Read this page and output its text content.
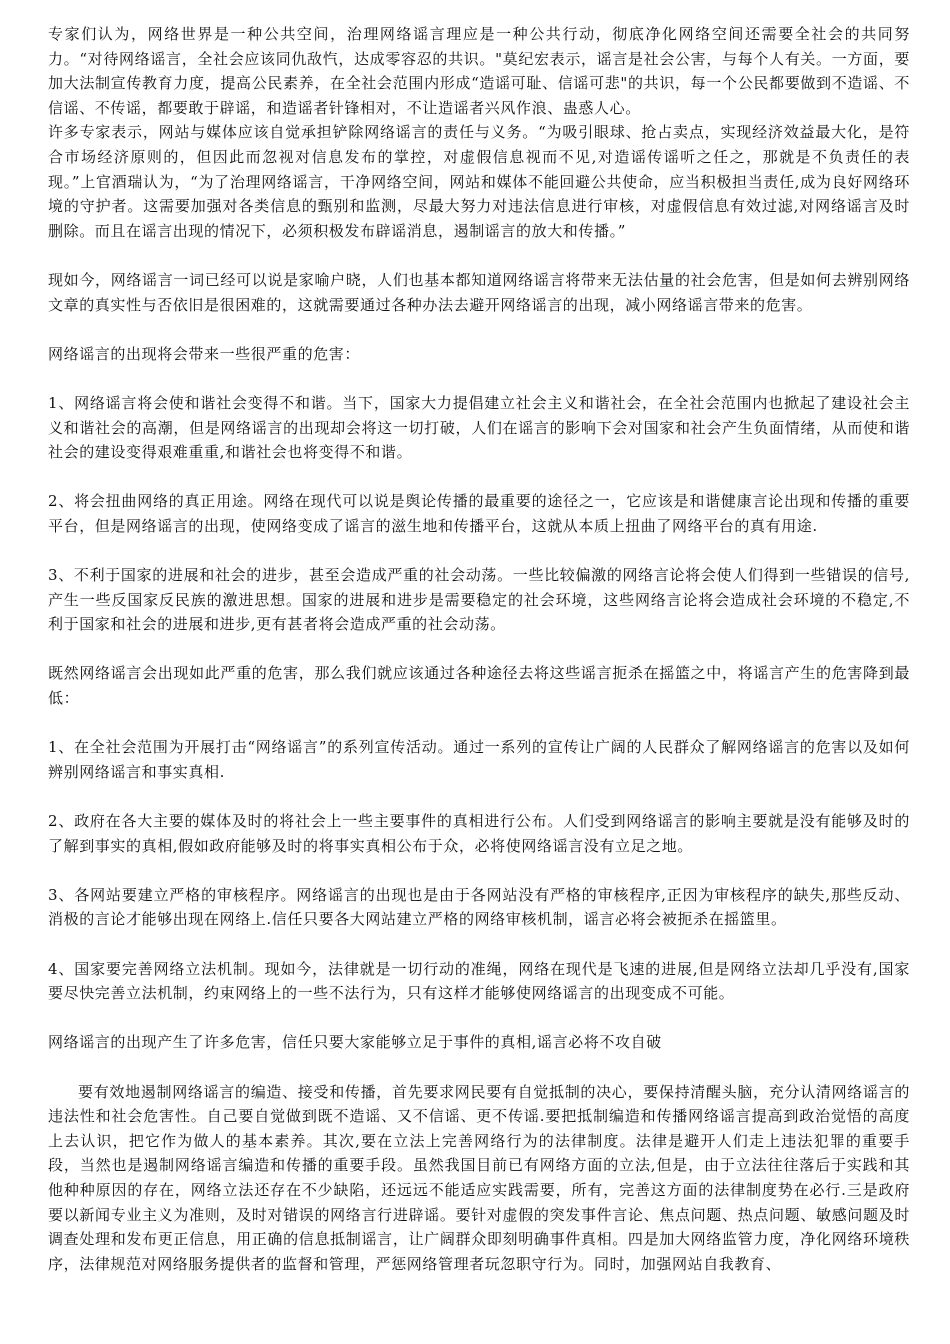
专家们认为，网络世界是一种公共空间，治理网络谣言理应是一种公共行动，彻底净化网络空间还需要全社会的共同努力。“对待网络谣言，全社会应该同仇敌忾，达成零容忍的共识。"莫纪宏表示，谣言是社会公害，与每个人有关。一方面，要加大法制宣传教育力度，提高公民素养，在全社会范围内形成“造谣可耻、信谣可悲"的共识，每一个公民都要做到不造谣、不信谣、不传谣，都要敢于辟谣，和造谣者针锋相对，不让造谣者兴风作浪、蛊惑人心。

许多专家表示，网站与媒体应该自觉承担铲除网络谣言的责任与义务。“为吸引眼球、抢占卖点，实现经济效益最大化，是符合市场经济原则的，但因此而忽视对信息发布的掌控，对虚假信息视而不见,对造谣传谣听之任之，那就是不负责任的表现。”上官酒瑞认为，“为了治理网络谣言，干净网络空间，网站和媒体不能回避公共使命，应当积极担当责任,成为良好网络环境的守护者。这需要加强对各类信息的甄别和监测，尽最大努力对违法信息进行审核，对虚假信息有效过滤,对网络谣言及时删除。而且在谣言出现的情况下，必须积极发布辟谣消息，遏制谣言的放大和传播。”

现如今，网络谣言一词已经可以说是家喻户晓，人们也基本都知道网络谣言将带来无法估量的社会危害，但是如何去辨别网络文章的真实性与否依旧是很困难的，这就需要通过各种办法去避开网络谣言的出现，减小网络谣言带来的危害。

网络谣言的出现将会带来一些很严重的危害：

1、网络谣言将会使和谐社会变得不和谐。当下，国家大力提倡建立社会主义和谐社会，在全社会范围内也掀起了建设社会主义和谐社会的高潮，但是网络谣言的出现却会将这一切打破，人们在谣言的影响下会对国家和社会产生负面情绪，从而使和谐社会的建设变得艰难重重,和谐社会也将变得不和谐。

2、将会扭曲网络的真正用途。网络在现代可以说是舆论传播的最重要的途径之一，它应该是和谐健康言论出现和传播的重要平台，但是网络谣言的出现，使网络变成了谣言的滋生地和传播平台，这就从本质上扭曲了网络平台的真有用途.

3、不利于国家的进展和社会的进步，甚至会造成严重的社会动荡。一些比较偏激的网络言论将会使人们得到一些错误的信号,产生一些反国家反民族的激进思想。国家的进展和进步是需要稳定的社会环境，这些网络言论将会造成社会环境的不稳定,不利于国家和社会的进展和进步,更有甚者将会造成严重的社会动荡。

既然网络谣言会出现如此严重的危害，那么我们就应该通过各种途径去将这些谣言扼杀在摇篮之中，将谣言产生的危害降到最低：

1、在全社会范围为开展打击“网络谣言”的系列宣传活动。通过一系列的宣传让广阔的人民群众了解网络谣言的危害以及如何辨别网络谣言和事实真相.

2、政府在各大主要的媒体及时的将社会上一些主要事件的真相进行公布。人们受到网络谣言的影响主要就是没有能够及时的了解到事实的真相,假如政府能够及时的将事实真相公布于众，必将使网络谣言没有立足之地。

3、各网站要建立严格的审核程序。网络谣言的出现也是由于各网站没有严格的审核程序,正因为审核程序的缺失,那些反动、消极的言论才能够出现在网络上.信任只要各大网站建立严格的网络审核机制，谣言必将会被扼杀在摇篮里。

4、国家要完善网络立法机制。现如今，法律就是一切行动的准绳，网络在现代是飞速的进展,但是网络立法却几乎没有,国家要尽快完善立法机制，约束网络上的一些不法行为，只有这样才能够使网络谣言的出现变成不可能。

网络谣言的出现产生了许多危害，信任只要大家能够立足于事件的真相,谣言必将不攻自破

要有效地遏制网络谣言的编造、接受和传播，首先要求网民要有自觉抵制的决心，要保持清醒头脑，充分认清网络谣言的违法性和社会危害性。自己要自觉做到既不造谣、又不信谣、更不传谣.要把抵制编造和传播网络谣言提高到政治觉悟的高度上去认识，把它作为做人的基本素养。其次,要在立法上完善网络行为的法律制度。法律是避开人们走上违法犯罪的重要手段，当然也是遏制网络谣言编造和传播的重要手段。虽然我国目前已有网络方面的立法,但是，由于立法往往落后于实践和其他种种原因的存在，网络立法还存在不少缺陷，还远远不能适应实践需要，所有，完善这方面的法律制度势在必行.三是政府要以新闻专业主义为准则，及时对错误的网络言行进辟谣。要针对虚假的突发事件言论、焦点问题、热点问题、敏感问题及时调查处理和发布更正信息，用正确的信息抵制谣言，让广阔群众即刻明确事件真相。四是加大网络监管力度，净化网络环境秩序，法律规范对网络服务提供者的监督和管理，严惩网络管理者玩忽职守行为。同时，加强网站自我教育、
